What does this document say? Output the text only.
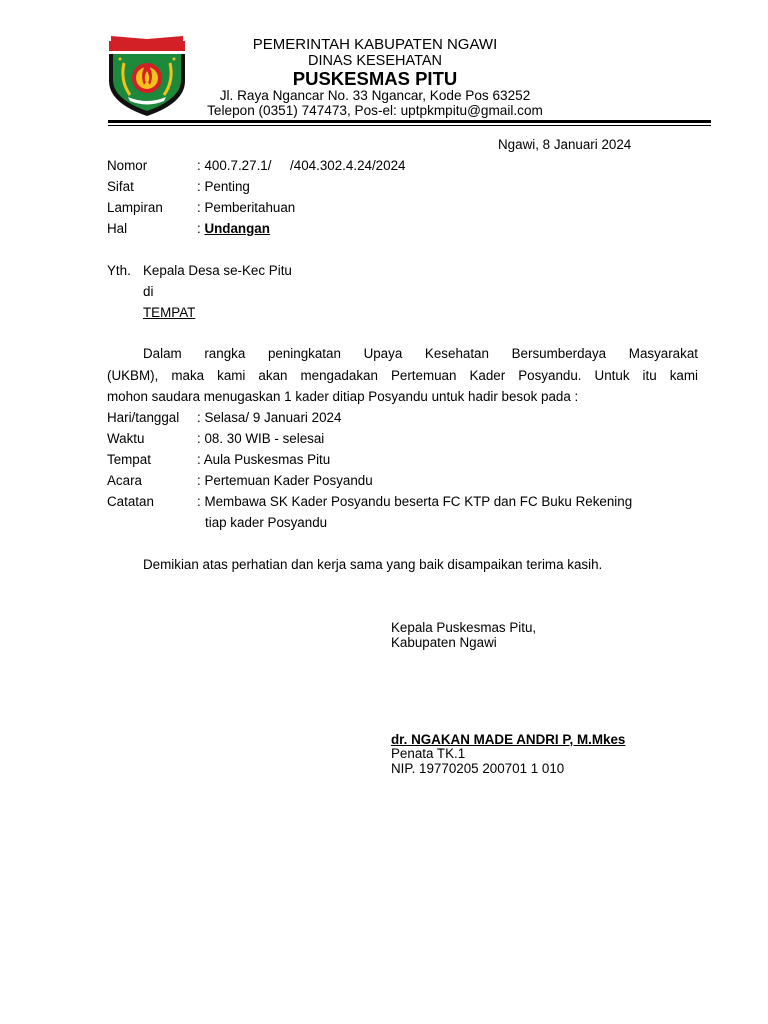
PEMERINTAH KABUPATEN NGAWI
DINAS KESEHATAN
PUSKESMAS PITU
Jl. Raya Ngancar No. 33 Ngancar, Kode Pos 63252
Telepon (0351) 747473, Pos-el: uptpkmpitu@gmail.com
Ngawi, 8 Januari 2024
Nomor	: 400.7.27.1/     /404.302.4.24/2024
Sifat	: Penting
Lampiran	: Pemberitahuan
Hal	: Undangan
Yth. Kepala Desa se-Kec Pitu
di
TEMPAT
Dalam rangka peningkatan Upaya Kesehatan Bersumberdaya Masyarakat
(UKBM), maka kami akan mengadakan Pertemuan Kader Posyandu. Untuk itu kami
mohon saudara menugaskan 1 kader ditiap Posyandu untuk hadir besok pada :
Hari/tanggal : Selasa/ 9 Januari 2024
Waktu	: 08. 30 WIB - selesai
Tempat	: Aula Puskesmas Pitu
Acara	: Pertemuan Kader Posyandu
Catatan	: Membawa SK Kader Posyandu beserta FC KTP dan FC Buku Rekening
tiap kader Posyandu
Demikian atas perhatian dan kerja sama yang baik disampaikan terima kasih.
Kepala Puskesmas Pitu,
Kabupaten Ngawi
dr. NGAKAN MADE ANDRI P, M.Mkes
Penata TK.1
NIP. 19770205 200701 1 010
